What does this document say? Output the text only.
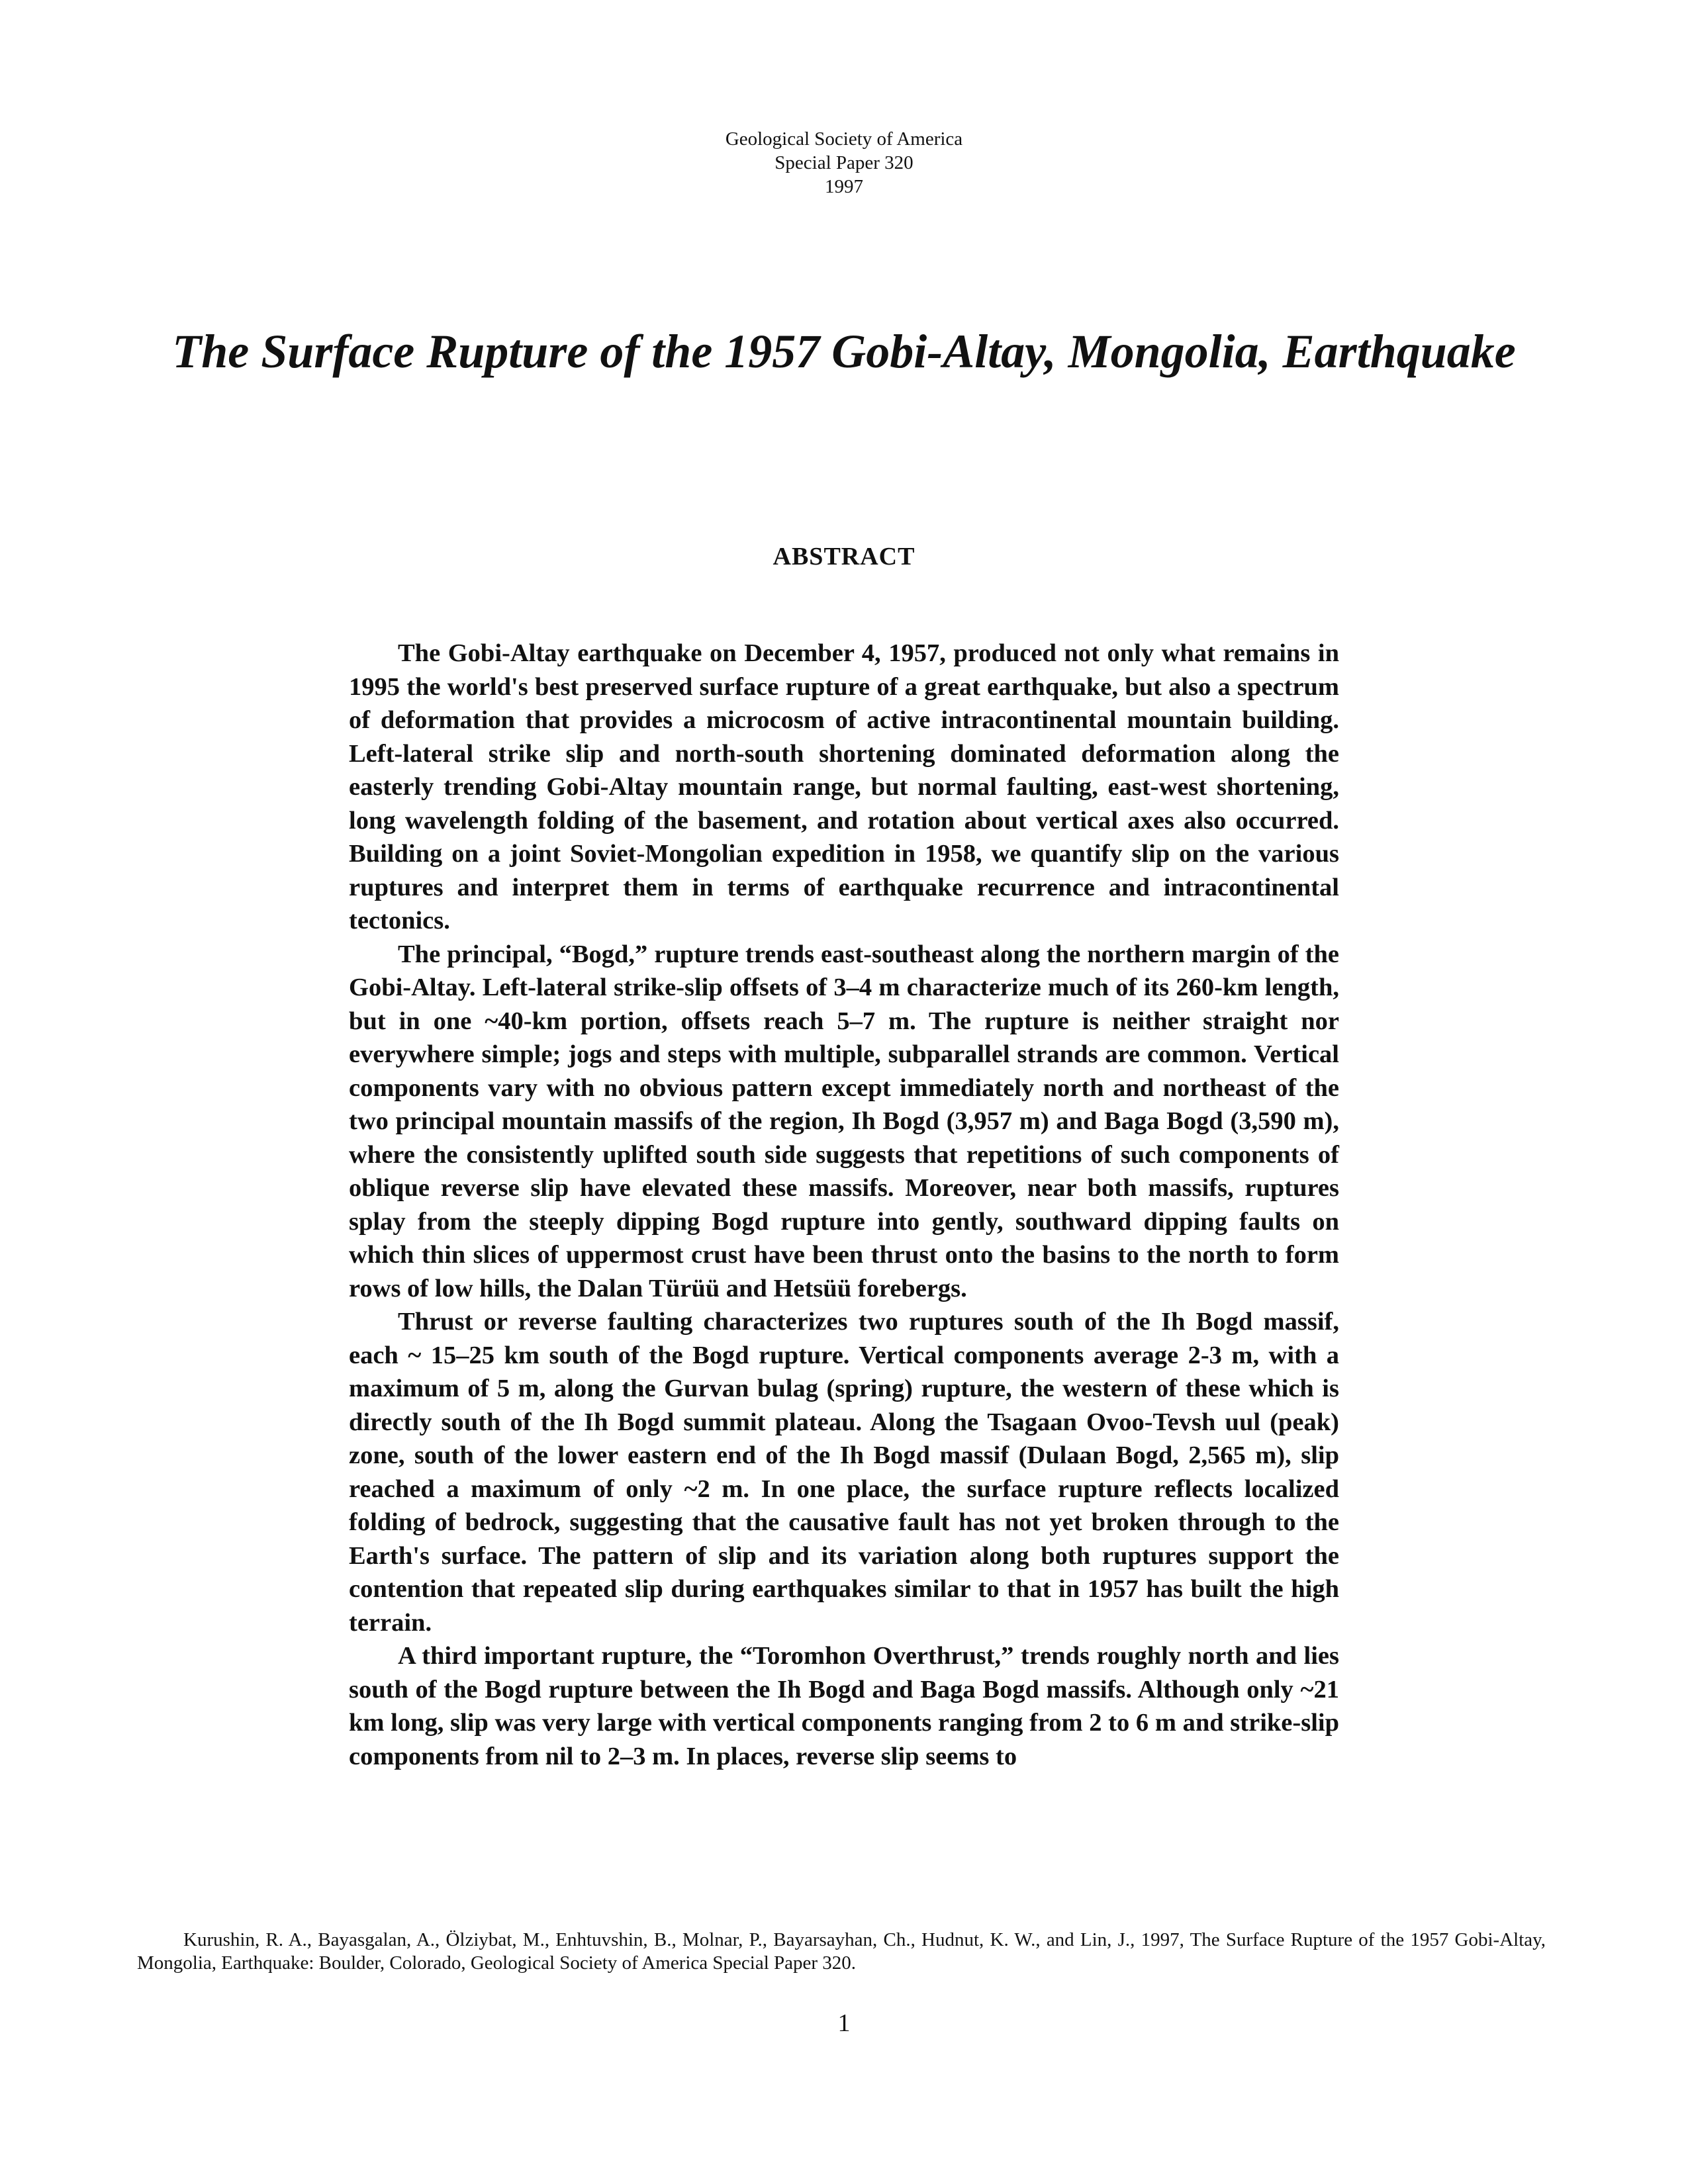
Geological Society of America
Special Paper 320
1997
The Surface Rupture of the 1957 Gobi-Altay, Mongolia, Earthquake
ABSTRACT

The Gobi-Altay earthquake on December 4, 1957, produced not only what remains in 1995 the world's best preserved surface rupture of a great earthquake, but also a spectrum of deformation that provides a microcosm of active intracontinental mountain building. Left-lateral strike slip and north-south shortening dominated deformation along the easterly trending Gobi-Altay mountain range, but normal faulting, east-west shortening, long wavelength folding of the basement, and rotation about vertical axes also occurred. Building on a joint Soviet-Mongolian expedition in 1958, we quantify slip on the various ruptures and interpret them in terms of earthquake recurrence and intracontinental tectonics.

The principal, “Bogd,” rupture trends east-southeast along the northern margin of the Gobi-Altay. Left-lateral strike-slip offsets of 3–4 m characterize much of its 260-km length, but in one ~40-km portion, offsets reach 5–7 m. The rupture is neither straight nor everywhere simple; jogs and steps with multiple, subparallel strands are common. Vertical components vary with no obvious pattern except immediately north and northeast of the two principal mountain massifs of the region, Ih Bogd (3,957 m) and Baga Bogd (3,590 m), where the consistently uplifted south side suggests that repetitions of such components of oblique reverse slip have elevated these massifs. Moreover, near both massifs, ruptures splay from the steeply dipping Bogd rupture into gently, southward dipping faults on which thin slices of uppermost crust have been thrust onto the basins to the north to form rows of low hills, the Dalan Türüü and Hetsüü forebergs.

Thrust or reverse faulting characterizes two ruptures south of the Ih Bogd massif, each ~ 15–25 km south of the Bogd rupture. Vertical components average 2-3 m, with a maximum of 5 m, along the Gurvan bulag (spring) rupture, the western of these which is directly south of the Ih Bogd summit plateau. Along the Tsagaan Ovoo-Tevsh uul (peak) zone, south of the lower eastern end of the Ih Bogd massif (Dulaan Bogd, 2,565 m), slip reached a maximum of only ~2 m. In one place, the surface rupture reflects localized folding of bedrock, suggesting that the causative fault has not yet broken through to the Earth's surface. The pattern of slip and its variation along both ruptures support the contention that repeated slip during earthquakes similar to that in 1957 has built the high terrain.

A third important rupture, the “Toromhon Overthrust,” trends roughly north and lies south of the Bogd rupture between the Ih Bogd and Baga Bogd massifs. Although only ~21 km long, slip was very large with vertical components ranging from 2 to 6 m and strike-slip components from nil to 2–3 m. In places, reverse slip seems to

Kurushin, R. A., Bayasgalan, A., Ölziybat, M., Enhtuvshin, B., Molnar, P., Bayarsayhan, Ch., Hudnut, K. W., and Lin, J., 1997, The Surface Rupture of the 1957 Gobi-Altay, Mongolia, Earthquake: Boulder, Colorado, Geological Society of America Special Paper 320.
1
